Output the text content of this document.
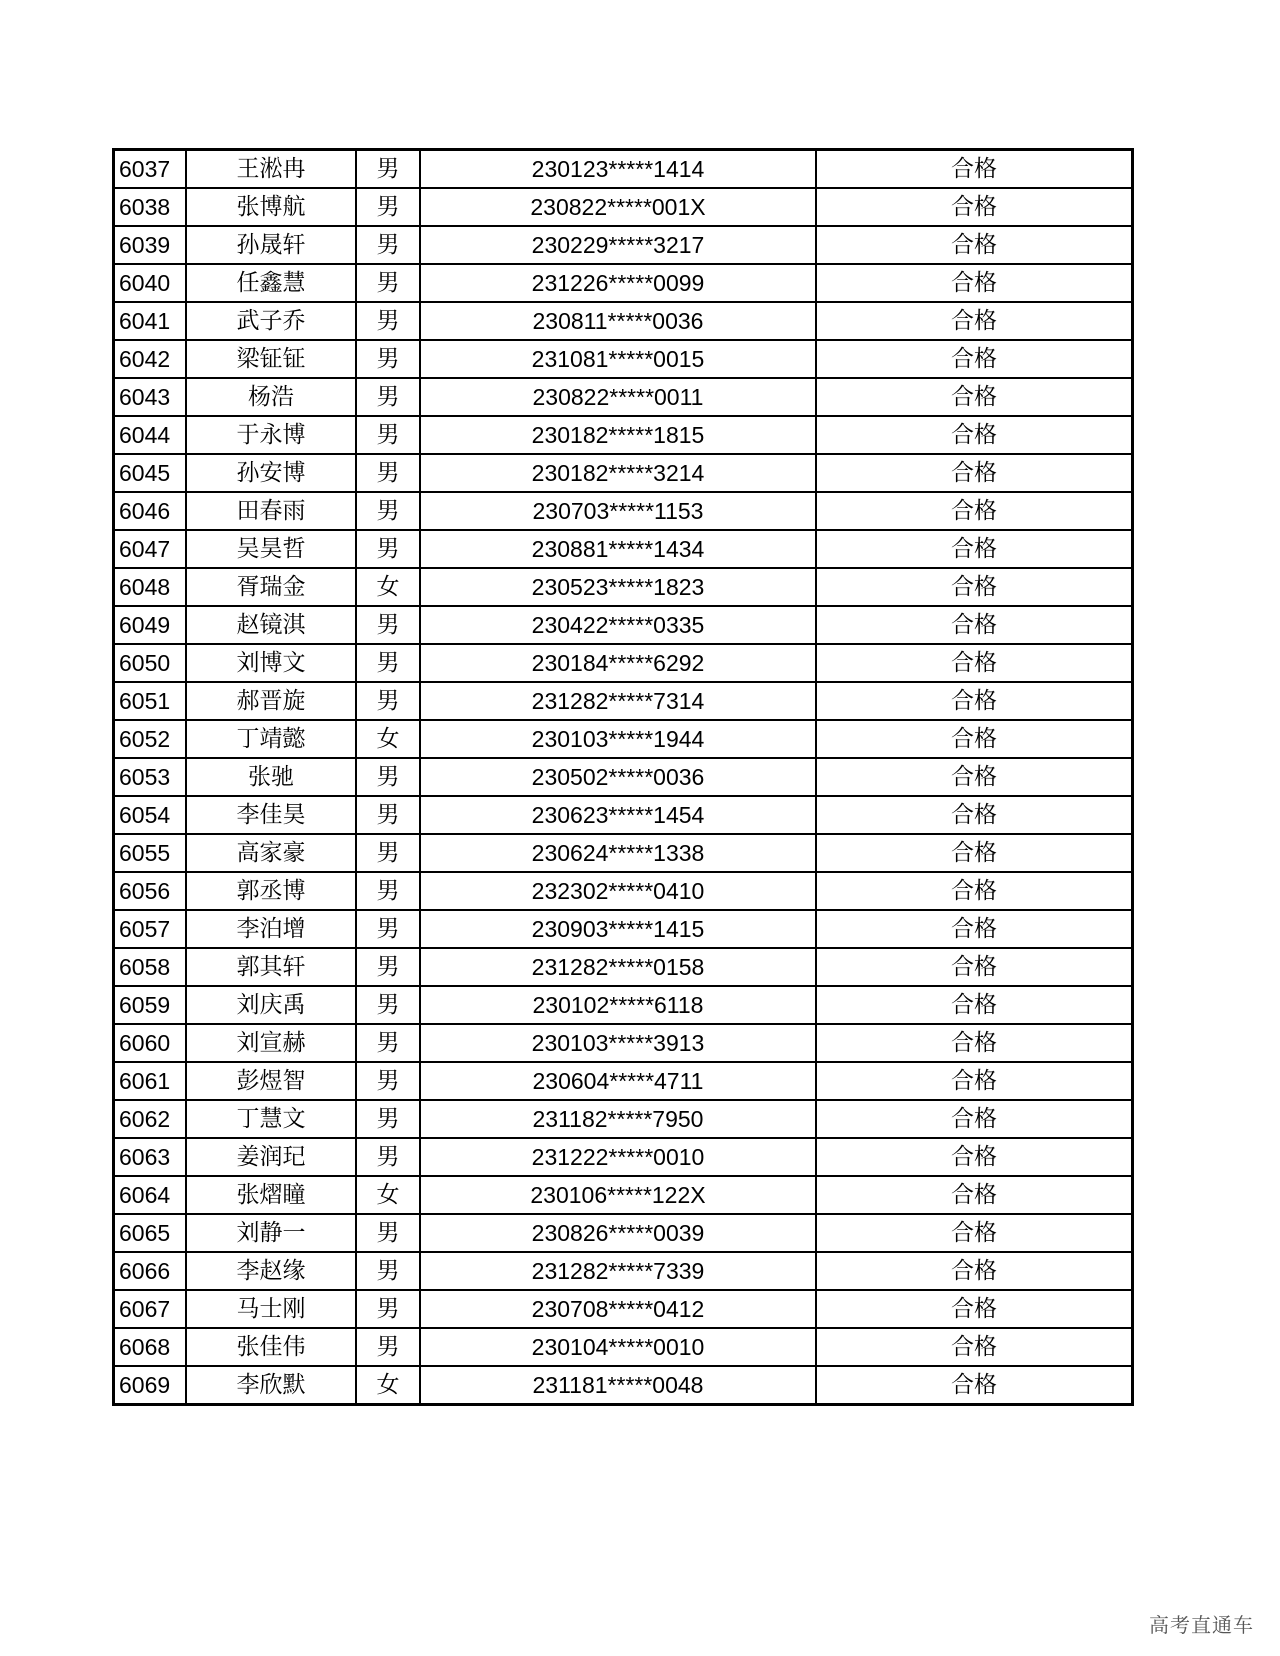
6037	王淞冉	男	230123*****1414	合格
6038	张博航	男	230822*****001X	合格
6039	孙晟轩	男	230229*****3217	合格
6040	任鑫慧	男	231226*****0099	合格
6041	武子乔	男	230811*****0036	合格
6042	梁钲钲	男	231081*****0015	合格
6043	杨浩	男	230822*****0011	合格
6044	于永博	男	230182*****1815	合格
6045	孙安博	男	230182*****3214	合格
6046	田春雨	男	230703*****1153	合格
6047	吴昊哲	男	230881*****1434	合格
6048	胥瑞金	女	230523*****1823	合格
6049	赵镜淇	男	230422*****0335	合格
6050	刘博文	男	230184*****6292	合格
6051	郝晋旋	男	231282*****7314	合格
6052	丁靖懿	女	230103*****1944	合格
6053	张驰	男	230502*****0036	合格
6054	李佳昊	男	230623*****1454	合格
6055	高家豪	男	230624*****1338	合格
6056	郭丞博	男	232302*****0410	合格
6057	李泊增	男	230903*****1415	合格
6058	郭其轩	男	231282*****0158	合格
6059	刘庆禹	男	230102*****6118	合格
6060	刘宣赫	男	230103*****3913	合格
6061	彭煜智	男	230604*****4711	合格
6062	丁慧文	男	231182*****7950	合格
6063	姜润玘	男	231222*****0010	合格
6064	张熠瞳	女	230106*****122X	合格
6065	刘静一	男	230826*****0039	合格
6066	李赵缘	男	231282*****7339	合格
6067	马士刚	男	230708*****0412	合格
6068	张佳伟	男	230104*****0010	合格
6069	李欣默	女	231181*****0048	合格
高考直通车
